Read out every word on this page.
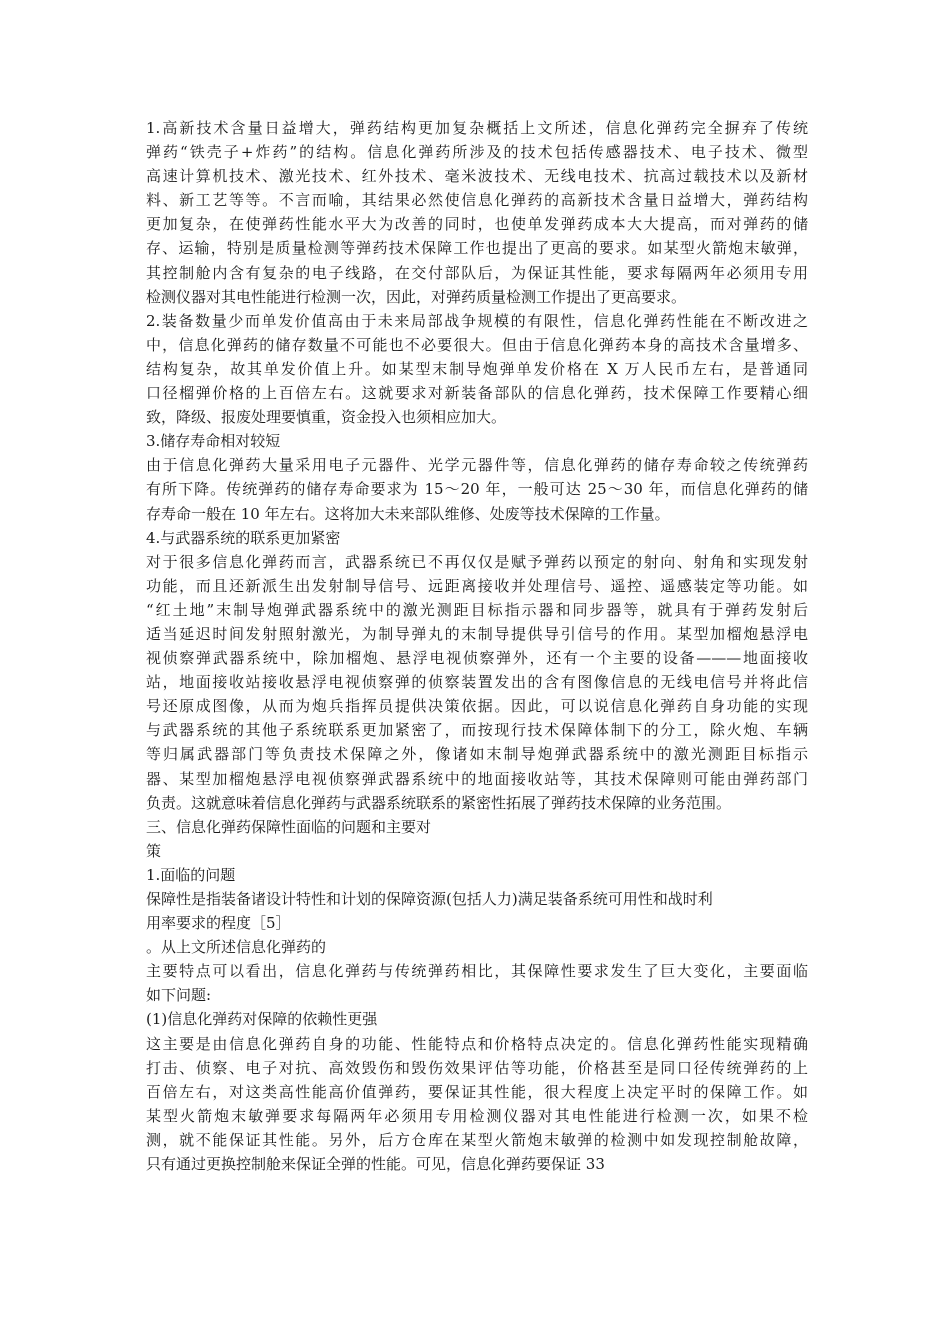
1.高新技术含量日益增大，弹药结构更加复杂概括上文所述，信息化弹药完全摒弃了传统
弹药“铁壳子+炸药”的结构。信息化弹药所涉及的技术包括传感器技术、电子技术、微型
高速计算机技术、激光技术、红外技术、毫米波技术、无线电技术、抗高过载技术以及新材
料、新工艺等等。不言而喻，其结果必然使信息化弹药的高新技术含量日益增大，弹药结构
更加复杂，在使弹药性能水平大为改善的同时，也使单发弹药成本大大提高，而对弹药的储
存、运输，特别是质量检测等弹药技术保障工作也提出了更高的要求。如某型火箭炮末敏弹，
其控制舱内含有复杂的电子线路，在交付部队后，为保证其性能，要求每隔两年必须用专用
检测仪器对其电性能进行检测一次，因此，对弹药质量检测工作提出了更高要求。
2.装备数量少而单发价值高由于未来局部战争规模的有限性，信息化弹药性能在不断改进之
中，信息化弹药的储存数量不可能也不必要很大。但由于信息化弹药本身的高技术含量增多、
结构复杂，故其单发价值上升。如某型末制导炮弹单发价格在 X 万人民币左右，是普通同
口径榴弹价格的上百倍左右。这就要求对新装备部队的信息化弹药，技术保障工作要精心细
致，降级、报废处理要慎重，资金投入也须相应加大。
3.储存寿命相对较短
由于信息化弹药大量采用电子元器件、光学元器件等，信息化弹药的储存寿命较之传统弹药
有所下降。传统弹药的储存寿命要求为 15～20 年，一般可达 25～30 年，而信息化弹药的储
存寿命一般在 10 年左右。这将加大未来部队维修、处废等技术保障的工作量。
4.与武器系统的联系更加紧密
对于很多信息化弹药而言，武器系统已不再仅仅是赋予弹药以预定的射向、射角和实现发射
功能，而且还新派生出发射制导信号、远距离接收并处理信号、遥控、遥感装定等功能。如
“红土地”末制导炮弹武器系统中的激光测距目标指示器和同步器等，就具有于弹药发射后
适当延迟时间发射照射激光，为制导弹丸的末制导提供导引信号的作用。某型加榴炮悬浮电
视侦察弹武器系统中，除加榴炮、悬浮电视侦察弹外，还有一个主要的设备———地面接收
站，地面接收站接收悬浮电视侦察弹的侦察装置发出的含有图像信息的无线电信号并将此信
号还原成图像，从而为炮兵指挥员提供决策依据。因此，可以说信息化弹药自身功能的实现
与武器系统的其他子系统联系更加紧密了，而按现行技术保障体制下的分工，除火炮、车辆
等归属武器部门等负责技术保障之外，像诸如末制导炮弹武器系统中的激光测距目标指示
器、某型加榴炮悬浮电视侦察弹武器系统中的地面接收站等，其技术保障则可能由弹药部门
负责。这就意味着信息化弹药与武器系统联系的紧密性拓展了弹药技术保障的业务范围。
三、信息化弹药保障性面临的问题和主要对
策
1.面临的问题
保障性是指装备诸设计特性和计划的保障资源(包括人力)满足装备系统可用性和战时利
用率要求的程度［5］
。从上文所述信息化弹药的
主要特点可以看出，信息化弹药与传统弹药相比，其保障性要求发生了巨大变化，主要面临
如下问题:
(1)信息化弹药对保障的依赖性更强
这主要是由信息化弹药自身的功能、性能特点和价格特点决定的。信息化弹药性能实现精确
打击、侦察、电子对抗、高效毁伤和毁伤效果评估等功能，价格甚至是同口径传统弹药的上
百倍左右，对这类高性能高价值弹药，要保证其性能，很大程度上决定平时的保障工作。如
某型火箭炮末敏弹要求每隔两年必须用专用检测仪器对其电性能进行检测一次，如果不检
测，就不能保证其性能。另外，后方仓库在某型火箭炮末敏弹的检测中如发现控制舱故障，
只有通过更换控制舱来保证全弹的性能。可见，信息化弹药要保证 33
